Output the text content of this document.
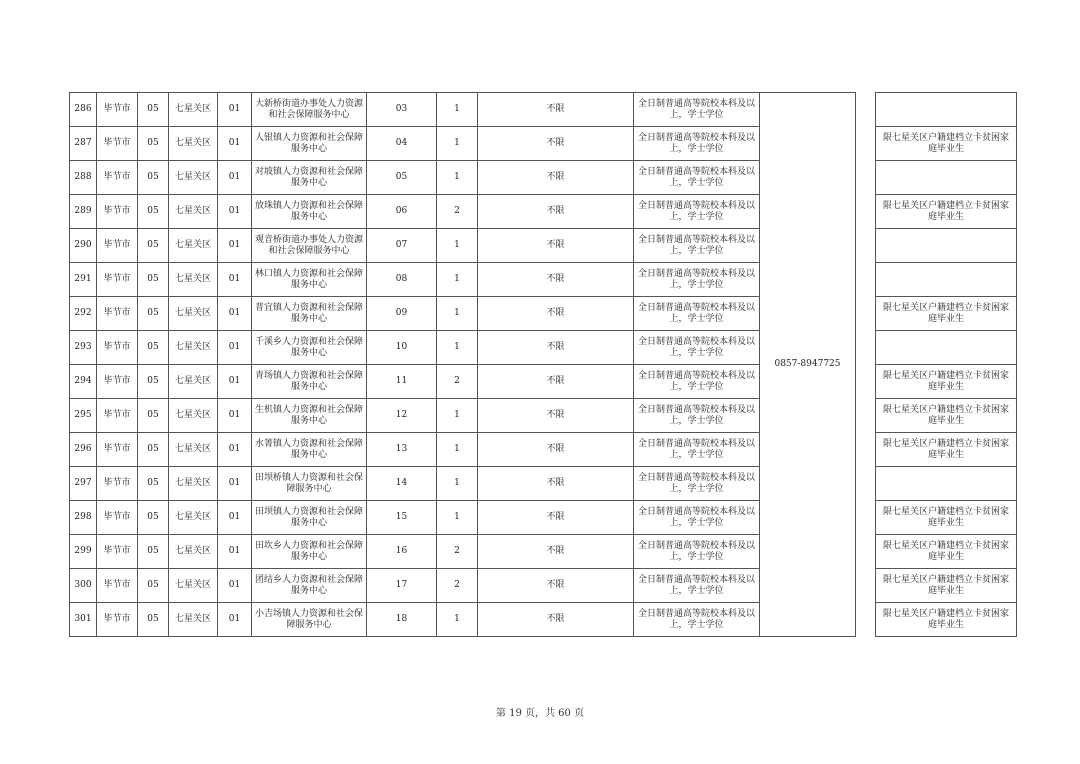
286	毕节市	05	七星关区	01	大新桥街道办事处人力资源和社会保障服务中心	03	1	不限	全日制普通高等院校本科及以上，学士学位	0857-8947725		
287	毕节市	05	七星关区	01	人银镇人力资源和社会保障服务中心	04	1	不限	全日制普通高等院校本科及以上，学士学位			限七星关区户籍建档立卡贫困家庭毕业生
288	毕节市	05	七星关区	01	对坡镇人力资源和社会保障服务中心	05	1	不限	全日制普通高等院校本科及以上，学士学位			
289	毕节市	05	七星关区	01	放珠镇人力资源和社会保障服务中心	06	2	不限	全日制普通高等院校本科及以上，学士学位			限七星关区户籍建档立卡贫困家庭毕业生
290	毕节市	05	七星关区	01	观音桥街道办事处人力资源和社会保障服务中心	07	1	不限	全日制普通高等院校本科及以上，学士学位			
291	毕节市	05	七星关区	01	林口镇人力资源和社会保障服务中心	08	1	不限	全日制普通高等院校本科及以上，学士学位			
292	毕节市	05	七星关区	01	普宜镇人力资源和社会保障服务中心	09	1	不限	全日制普通高等院校本科及以上，学士学位			限七星关区户籍建档立卡贫困家庭毕业生
293	毕节市	05	七星关区	01	千溪乡人力资源和社会保障服务中心	10	1	不限	全日制普通高等院校本科及以上，学士学位			
294	毕节市	05	七星关区	01	青场镇人力资源和社会保障服务中心	11	2	不限	全日制普通高等院校本科及以上，学士学位			限七星关区户籍建档立卡贫困家庭毕业生
295	毕节市	05	七星关区	01	生机镇人力资源和社会保障服务中心	12	1	不限	全日制普通高等院校本科及以上，学士学位			限七星关区户籍建档立卡贫困家庭毕业生
296	毕节市	05	七星关区	01	水箐镇人力资源和社会保障服务中心	13	1	不限	全日制普通高等院校本科及以上，学士学位			限七星关区户籍建档立卡贫困家庭毕业生
297	毕节市	05	七星关区	01	田坝桥镇人力资源和社会保障服务中心	14	1	不限	全日制普通高等院校本科及以上，学士学位			
298	毕节市	05	七星关区	01	田坝镇人力资源和社会保障服务中心	15	1	不限	全日制普通高等院校本科及以上，学士学位			限七星关区户籍建档立卡贫困家庭毕业生
299	毕节市	05	七星关区	01	田坎乡人力资源和社会保障服务中心	16	2	不限	全日制普通高等院校本科及以上，学士学位			限七星关区户籍建档立卡贫困家庭毕业生
300	毕节市	05	七星关区	01	团结乡人力资源和社会保障服务中心	17	2	不限	全日制普通高等院校本科及以上，学士学位			限七星关区户籍建档立卡贫困家庭毕业生
301	毕节市	05	七星关区	01	小吉场镇人力资源和社会保障服务中心	18	1	不限	全日制普通高等院校本科及以上，学士学位			限七星关区户籍建档立卡贫困家庭毕业生
第 19 页，共 60 页
